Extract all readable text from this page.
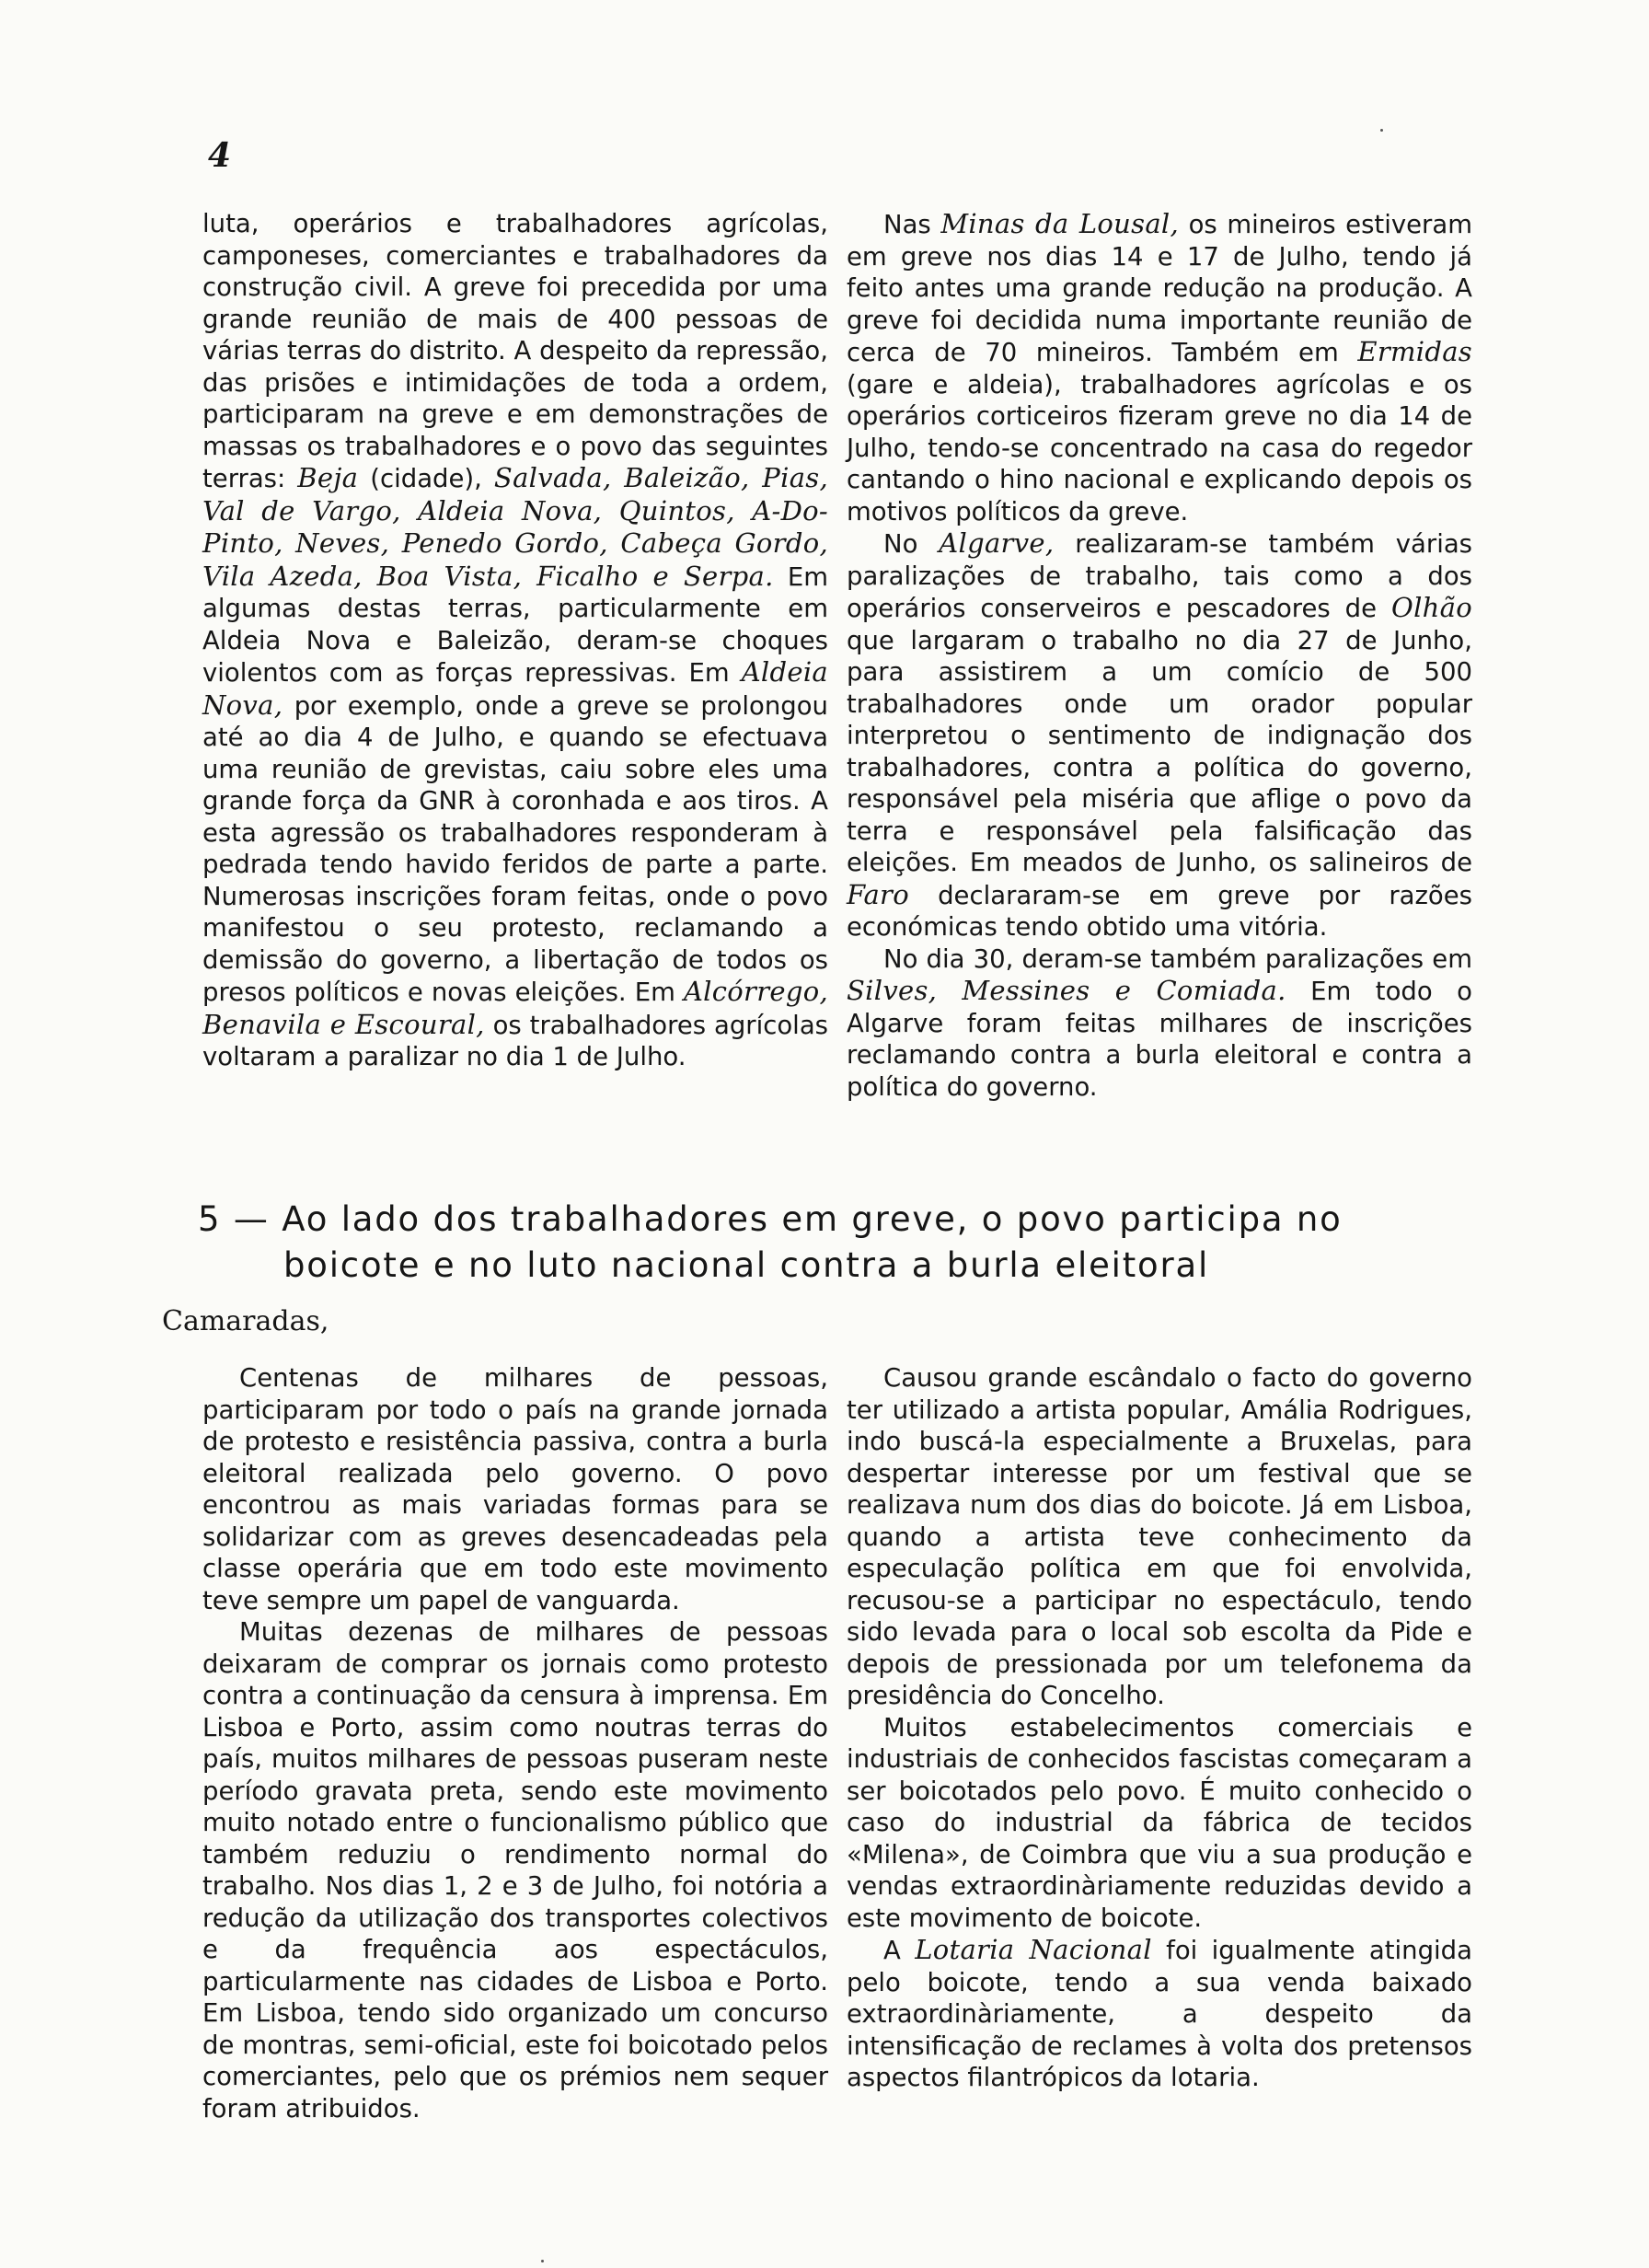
4

luta, operários e trabalhadores agrícolas, camponeses, comerciantes e trabalhadores da construção civil. A greve foi precedida por uma grande reunião de mais de 400 pessoas de várias terras do distrito. A despeito da repressão, das prisões e intimidações de toda a ordem, participaram na greve e em demonstrações de massas os trabalhadores e o povo das seguintes terras: Beja (cidade), Salvada, Baleizão, Pias, Val de Vargo, Aldeia Nova, Quintos, A-Do-Pinto, Neves, Penedo Gordo, Cabeça Gordo, Vila Azeda, Boa Vista, Ficalho e Serpa. Em algumas destas terras, particularmente em Aldeia Nova e Baleizão, deram-se choques violentos com as forças repressivas. Em Aldeia Nova, por exemplo, onde a greve se prolongou até ao dia 4 de Julho, e quando se efectuava uma reunião de grevistas, caiu sobre eles uma grande força da GNR à coronhada e aos tiros. A esta agressão os trabalhadores responderam à pedrada tendo havido feridos de parte a parte. Numerosas inscrições foram feitas, onde o povo manifestou o seu protesto, reclamando a demissão do governo, a libertação de todos os presos políticos e novas eleições. Em Alcórrego, Benavila e Escoural, os trabalhadores agrícolas voltaram a paralizar no dia 1 de Julho.

Nas Minas da Lousal, os mineiros estiveram em greve nos dias 14 e 17 de Julho, tendo já feito antes uma grande redução na produção. A greve foi decidida numa importante reunião de cerca de 70 mineiros. Também em Ermidas (gare e aldeia), trabalhadores agrícolas e os operários corticeiros fizeram greve no dia 14 de Julho, tendo-se concentrado na casa do regedor cantando o hino nacional e explicando depois os motivos políticos da greve.

No Algarve, realizaram-se também várias paralizações de trabalho, tais como a dos operários conserveiros e pescadores de Olhão que largaram o trabalho no dia 27 de Junho, para assistirem a um comício de 500 trabalhadores onde um orador popular interpretou o sentimento de indignação dos trabalhadores, contra a política do governo, responsável pela miséria que aflige o povo da terra e responsável pela falsificação das eleições. Em meados de Junho, os salineiros de Faro declararam-se em greve por razões económicas tendo obtido uma vitória.

No dia 30, deram-se também paralizações em Silves, Messines e Comiada. Em todo o Algarve foram feitas milhares de inscrições reclamando contra a burla eleitoral e contra a política do governo.

5 — Ao lado dos trabalhadores em greve, o povo participa no
boicote e no luto nacional contra a burla eleitoral

Camaradas,

Centenas de milhares de pessoas, participaram por todo o país na grande jornada de protesto e resistência passiva, contra a burla eleitoral realizada pelo governo. O povo encontrou as mais variadas formas para se solidarizar com as greves desencadeadas pela classe operária que em todo este movimento teve sempre um papel de vanguarda.

Muitas dezenas de milhares de pessoas deixaram de comprar os jornais como protesto contra a continuação da censura à imprensa. Em Lisboa e Porto, assim como noutras terras do país, muitos milhares de pessoas puseram neste período gravata preta, sendo este movimento muito notado entre o funcionalismo público que também reduziu o rendimento normal do trabalho. Nos dias 1, 2 e 3 de Julho, foi notória a redução da utilização dos transportes colectivos e da frequência aos espectáculos, particularmente nas cidades de Lisboa e Porto. Em Lisboa, tendo sido organizado um concurso de montras, semi-oficial, este foi boicotado pelos comerciantes, pelo que os prémios nem sequer foram atribuidos.

Causou grande escândalo o facto do governo ter utilizado a artista popular, Amália Rodrigues, indo buscá-la especialmente a Bruxelas, para despertar interesse por um festival que se realizava num dos dias do boicote. Já em Lisboa, quando a artista teve conhecimento da especulação política em que foi envolvida, recusou-se a participar no espectáculo, tendo sido levada para o local sob escolta da Pide e depois de pressionada por um telefonema da presidência do Concelho.

Muitos estabelecimentos comerciais e industriais de conhecidos fascistas começaram a ser boicotados pelo povo. É muito conhecido o caso do industrial da fábrica de tecidos «Milena», de Coimbra que viu a sua produção e vendas extraordinàriamente reduzidas devido a este movimento de boicote.

A Lotaria Nacional foi igualmente atingida pelo boicote, tendo a sua venda baixado extraordinàriamente, a despeito da intensificação de reclames à volta dos pretensos aspectos filantrópicos da lotaria.
